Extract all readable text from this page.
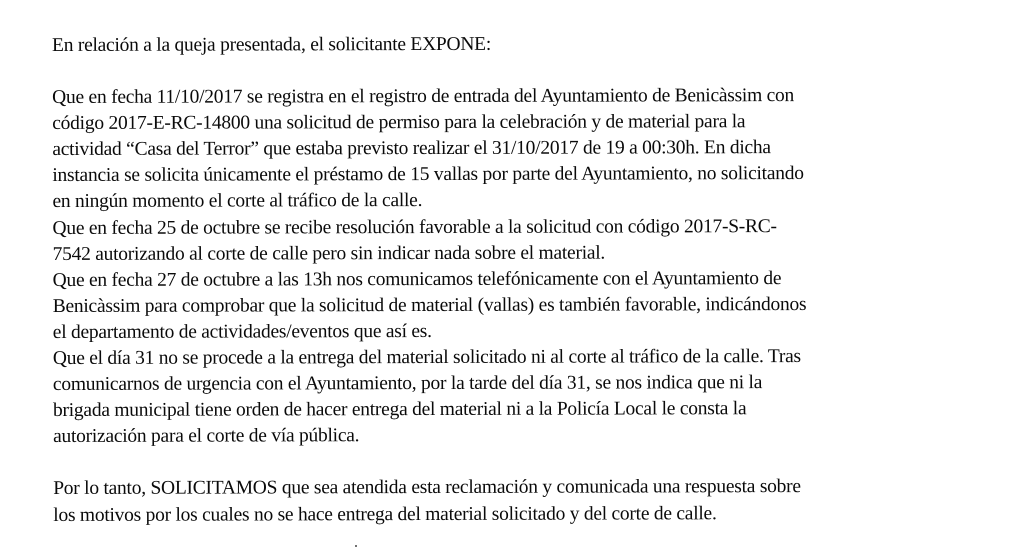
En relación a la queja presentada, el solicitante EXPONE:
Que en fecha 11/10/2017 se registra en el registro de entrada del Ayuntamiento de Benicàssim con
código 2017-E-RC-14800 una solicitud de permiso para la celebración y de material para la
actividad “Casa del Terror” que estaba previsto realizar el 31/10/2017 de 19 a 00:30h. En dicha
instancia se solicita únicamente el préstamo de 15 vallas por parte del Ayuntamiento, no solicitando
en ningún momento el corte al tráfico de la calle.
Que en fecha 25 de octubre se recibe resolución favorable a la solicitud con código 2017-S-RC-
7542 autorizando al corte de calle pero sin indicar nada sobre el material.
Que en fecha 27 de octubre a las 13h nos comunicamos telefónicamente con el Ayuntamiento de
Benicàssim para comprobar que la solicitud de material (vallas) es también favorable, indicándonos
el departamento de actividades/eventos que así es.
Que el día 31 no se procede a la entrega del material solicitado ni al corte al tráfico de la calle. Tras
comunicarnos de urgencia con el Ayuntamiento, por la tarde del día 31, se nos indica que ni la
brigada municipal tiene orden de hacer entrega del material ni a la Policía Local le consta la
autorización para el corte de vía pública.
Por lo tanto, SOLICITAMOS que sea atendida esta reclamación y comunicada una respuesta sobre
los motivos por los cuales no se hace entrega del material solicitado y del corte de calle.
